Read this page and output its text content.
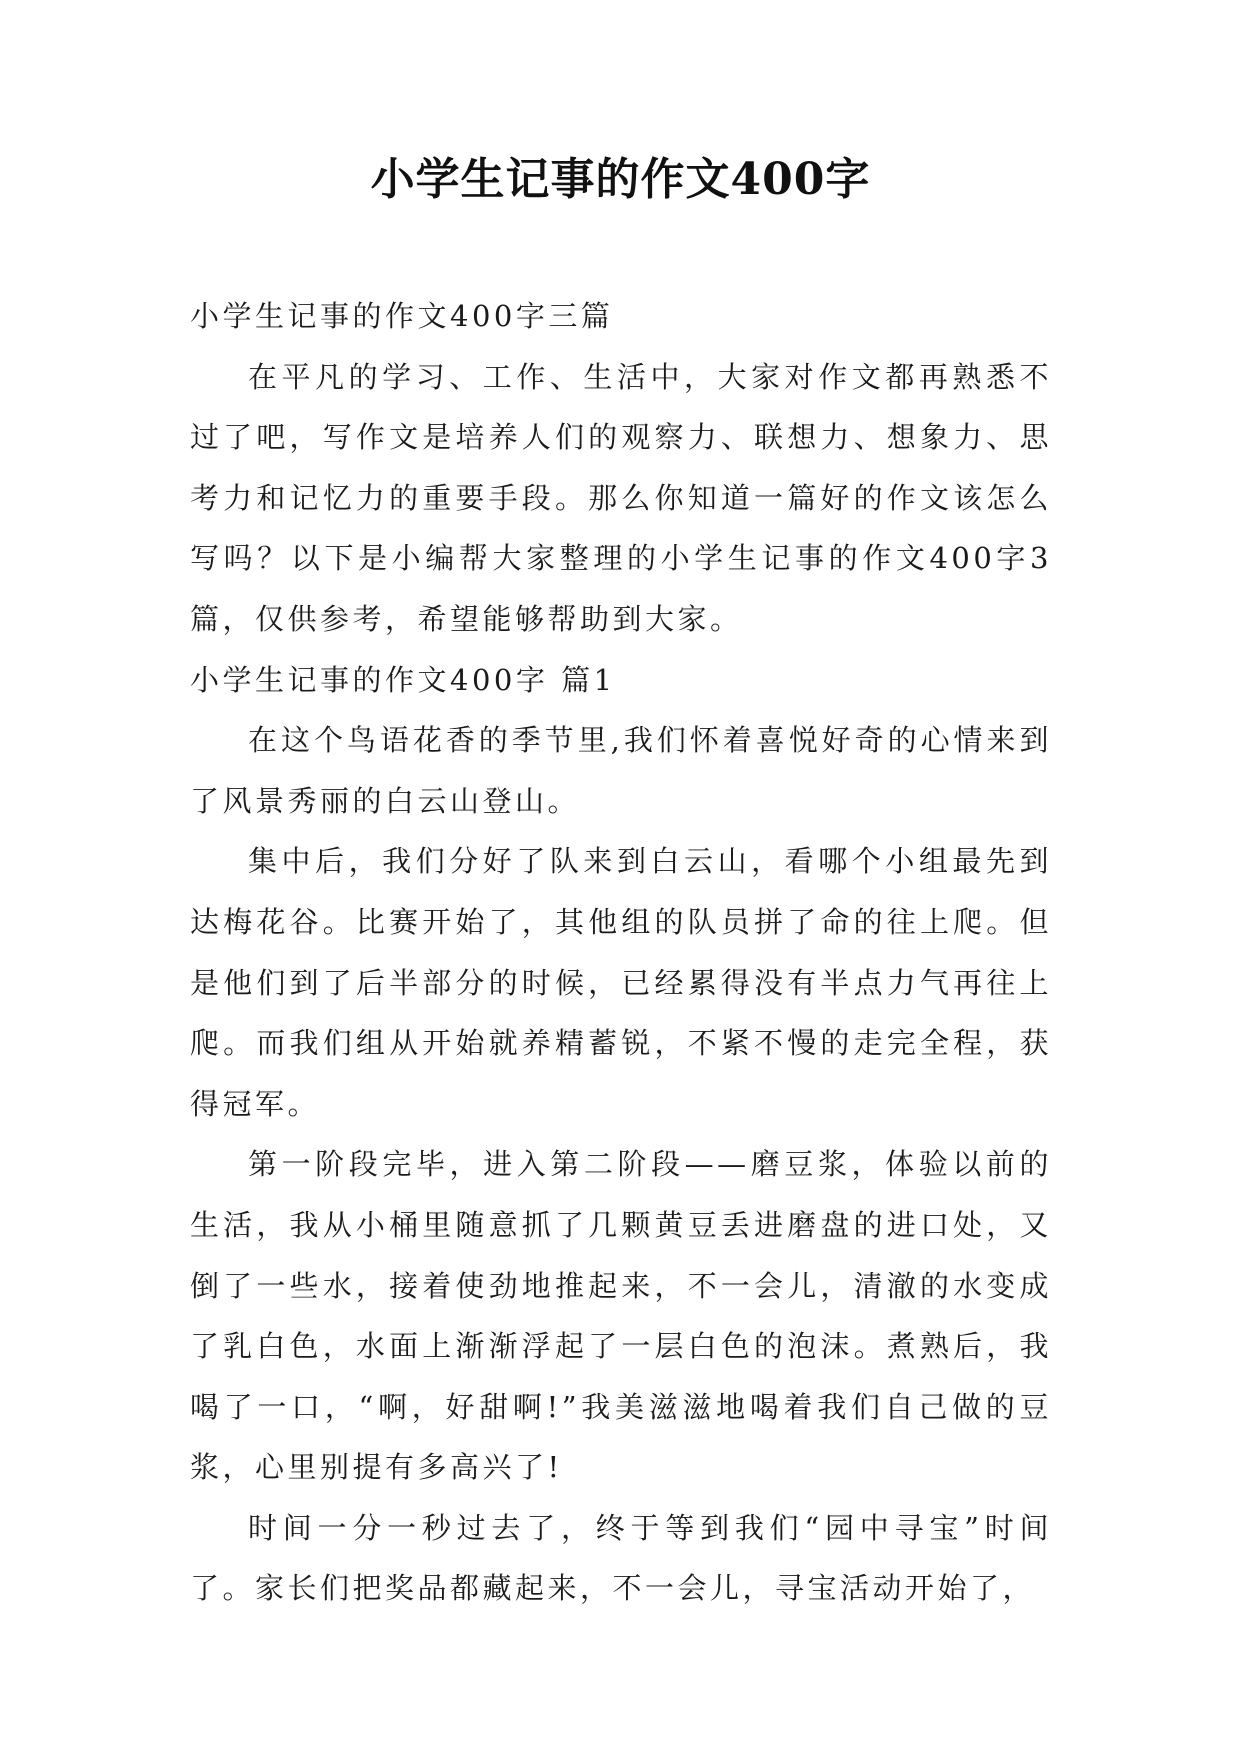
小学生记事的作文400字

小学生记事的作文400字三篇

在平凡的学习、工作、生活中，大家对作文都再熟悉不过了吧，写作文是培养人们的观察力、联想力、想象力、思考力和记忆力的重要手段。那么你知道一篇好的作文该怎么写吗？以下是小编帮大家整理的小学生记事的作文400字3篇，仅供参考，希望能够帮助到大家。

小学生记事的作文400字 篇1

在这个鸟语花香的季节里,我们怀着喜悦好奇的心情来到了风景秀丽的白云山登山。

集中后，我们分好了队来到白云山，看哪个小组最先到达梅花谷。比赛开始了，其他组的队员拼了命的往上爬。但是他们到了后半部分的时候，已经累得没有半点力气再往上爬。而我们组从开始就养精蓄锐，不紧不慢的走完全程，获得冠军。

第一阶段完毕，进入第二阶段——磨豆浆，体验以前的生活，我从小桶里随意抓了几颗黄豆丢进磨盘的进口处，又倒了一些水，接着使劲地推起来，不一会儿，清澈的水变成了乳白色，水面上渐渐浮起了一层白色的泡沫。煮熟后，我喝了一口，“啊，好甜啊!”我美滋滋地喝着我们自己做的豆浆，心里别提有多高兴了!

时间一分一秒过去了，终于等到我们“园中寻宝”时间了。家长们把奖品都藏起来，不一会儿，寻宝活动开始了，
